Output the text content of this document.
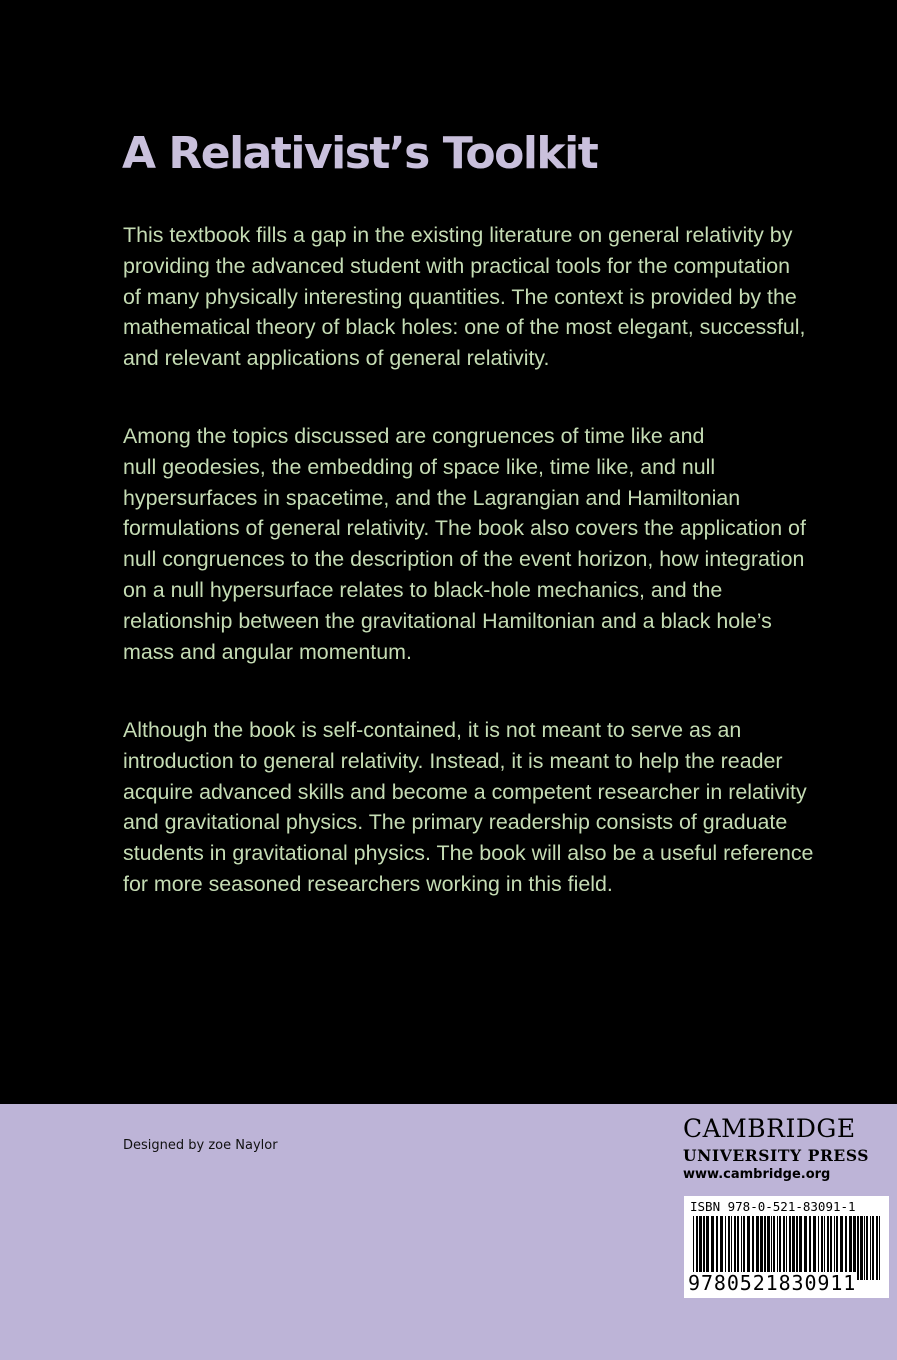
A Relativist’s Toolkit

This textbook fills a gap in the existing literature on general relativity by
providing the advanced student with practical tools for the computation
of many physically interesting quantities. The context is provided by the
mathematical theory of black holes: one of the most elegant, successful,
and relevant applications of general relativity.

Among the topics discussed are congruences of time like and
null geodesies, the embedding of space like, time like, and null
hypersurfaces in spacetime, and the Lagrangian and Hamiltonian
formulations of general relativity. The book also covers the application of
null congruences to the description of the event horizon, how integration
on a null hypersurface relates to black-hole mechanics, and the
relationship between the gravitational Hamiltonian and a black hole’s
mass and angular momentum.

Although the book is self-contained, it is not meant to serve as an
introduction to general relativity. Instead, it is meant to help the reader
acquire advanced skills and become a competent researcher in relativity
and gravitational physics. The primary readership consists of graduate
students in gravitational physics. The book will also be a useful reference
for more seasoned researchers working in this field.

Designed by zoe Naylor
CAMBRIDGE
UNIVERSITY PRESS
www.cambridge.org
ISBN 978-0-521-83091-1
9780521830911
